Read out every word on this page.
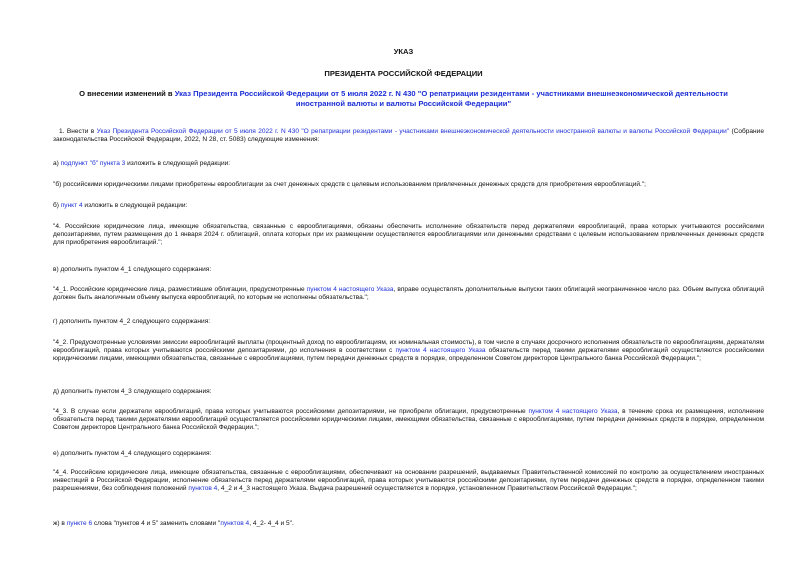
УКАЗ
ПРЕЗИДЕНТА РОССИЙСКОЙ ФЕДЕРАЦИИ
О внесении изменений в Указ Президента Российской Федерации от 5 июля 2022 г. N 430 "О репатриации резидентами - участниками внешнеэкономической деятельности иностранной валюты и валюты Российской Федерации"
1. Внести в Указ Президента Российской Федерации от 5 июля 2022 г. N 430 "О репатриации резидентами - участниками внешнеэкономической деятельности иностранной валюты и валюты Российской Федерации" (Собрание законодательства Российской Федерации, 2022, N 28, ст. 5083) следующие изменения:
а) подпункт "б" пункта 3 изложить в следующей редакции:
"б) российскими юридическими лицами приобретены еврооблигации за счет денежных средств с целевым использованием привлеченных денежных средств для приобретения еврооблигаций.";
б) пункт 4 изложить в следующей редакции:
"4. Российские юридические лица, имеющие обязательства, связанные с еврооблигациями, обязаны обеспечить исполнение обязательств перед держателями еврооблигаций, права которых учитываются российскими депозитариями, путем размещения до 1 января 2024 г. облигаций, оплата которых при их размещении осуществляется еврооблигациями или денежными средствами с целевым использованием привлеченных денежных средств для приобретения еврооблигаций.";
в) дополнить пунктом 4_1 следующего содержания:
"4_1. Российские юридические лица, разместившие облигации, предусмотренные пунктом 4 настоящего Указа, вправе осуществлять дополнительные выпуски таких облигаций неограниченное число раз. Объем выпуска облигаций должен быть аналогичным объему выпуска еврооблигаций, по которым не исполнены обязательства.";
г) дополнить пунктом 4_2 следующего содержания:
"4_2. Предусмотренные условиями эмиссии еврооблигаций выплаты (процентный доход по еврооблигациям, их номинальная стоимость), в том числе в случаях досрочного исполнения обязательств по еврооблигациям, держателям еврооблигаций, права которых учитываются российскими депозитариями, до исполнения в соответствии с пунктом 4 настоящего Указа обязательств перед такими держателями еврооблигаций осуществляются российскими юридическими лицами, имеющими обязательства, связанные с еврооблигациями, путем передачи денежных средств в порядке, определенном Советом директоров Центрального банка Российской Федерации.";
д) дополнить пунктом 4_3 следующего содержания:
"4_3. В случае если держатели еврооблигаций, права которых учитываются российскими депозитариями, не приобрели облигации, предусмотренные пунктом 4 настоящего Указа, в течение срока их размещения, исполнение обязательств перед такими держателями еврооблигаций осуществляется российскими юридическими лицами, имеющими обязательства, связанные с еврооблигациями, путем передачи денежных средств в порядке, определенном Советом директоров Центрального банка Российской Федерации.";
е) дополнить пунктом 4_4 следующего содержания:
"4_4. Российские юридические лица, имеющие обязательства, связанные с еврооблигациями, обеспечивают на основании разрешений, выдаваемых Правительственной комиссией по контролю за осуществлением иностранных инвестиций в Российской Федерации, исполнение обязательств перед держателями еврооблигаций, права которых учитываются российскими депозитариями, путем передачи денежных средств в порядке, определенном такими разрешениями, без соблюдения положений пунктов 4, 4_2 и 4_3 настоящего Указа. Выдача разрешений осуществляется в порядке, установленном Правительством Российской Федерации.";
ж) в пункте 6 слова "пунктов 4 и 5" заменить словами "пунктов 4, 4_2- 4_4 и 5".
